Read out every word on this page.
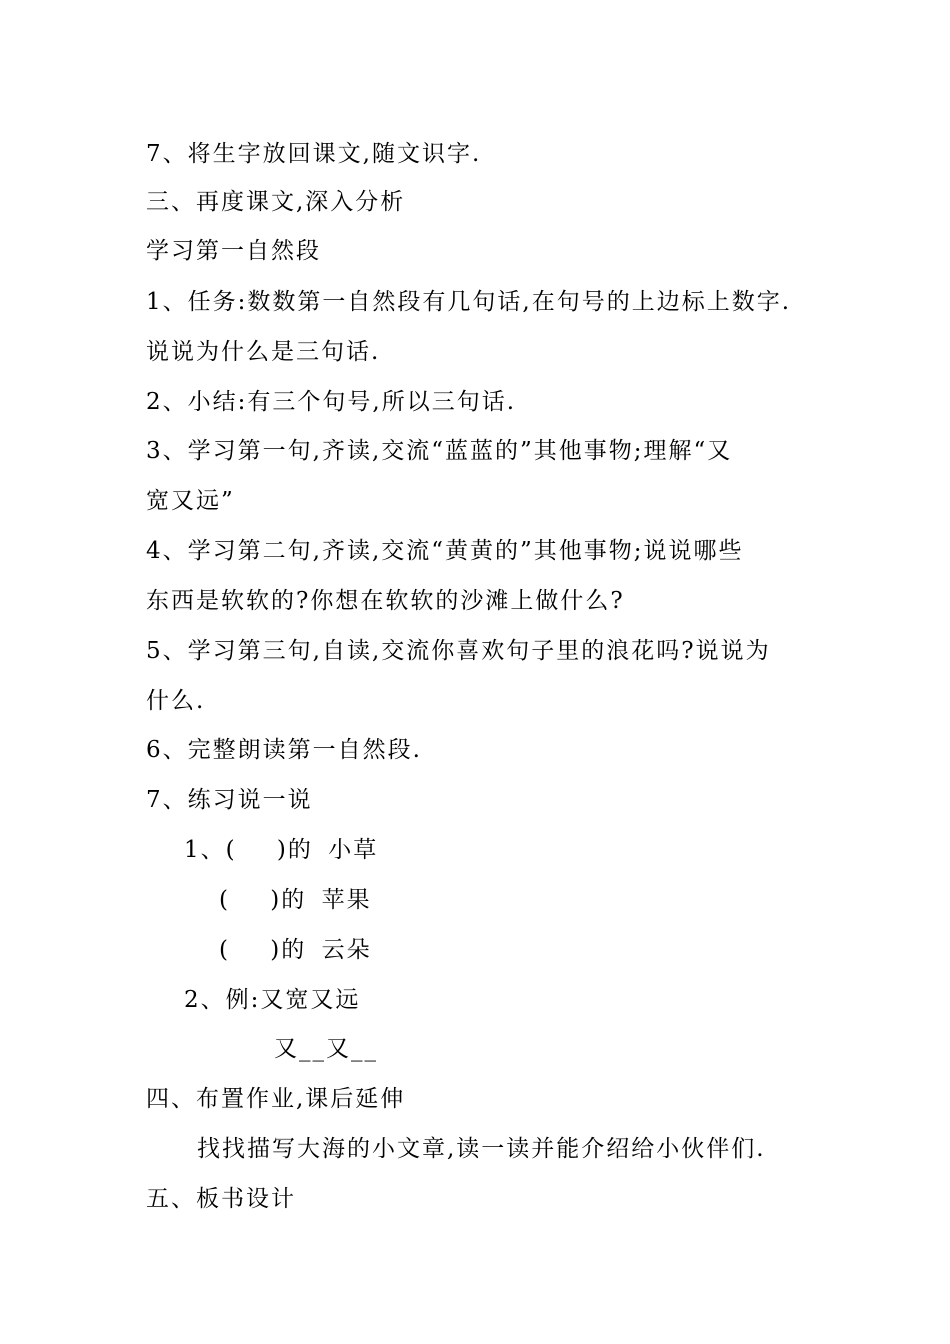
7、将生字放回课文,随文识字.
三、再度课文,深入分析
学习第一自然段
1、任务:数数第一自然段有几句话,在句号的上边标上数字.
说说为什么是三句话.
2、小结:有三个句号,所以三句话.
3、学习第一句,齐读,交流“蓝蓝的”其他事物;理解“又
宽又远”
4、学习第二句,齐读,交流“黄黄的”其他事物;说说哪些
东西是软软的?你想在软软的沙滩上做什么?
5、学习第三句,自读,交流你喜欢句子里的浪花吗?说说为
什么.
6、完整朗读第一自然段.
7、练习说一说
1、(　 )的 小草
(　 )的 苹果
(　 )的 云朵
2、例:又宽又远
又__又__
四、布置作业,课后延伸
找找描写大海的小文章,读一读并能介绍给小伙伴们.
五、板书设计
